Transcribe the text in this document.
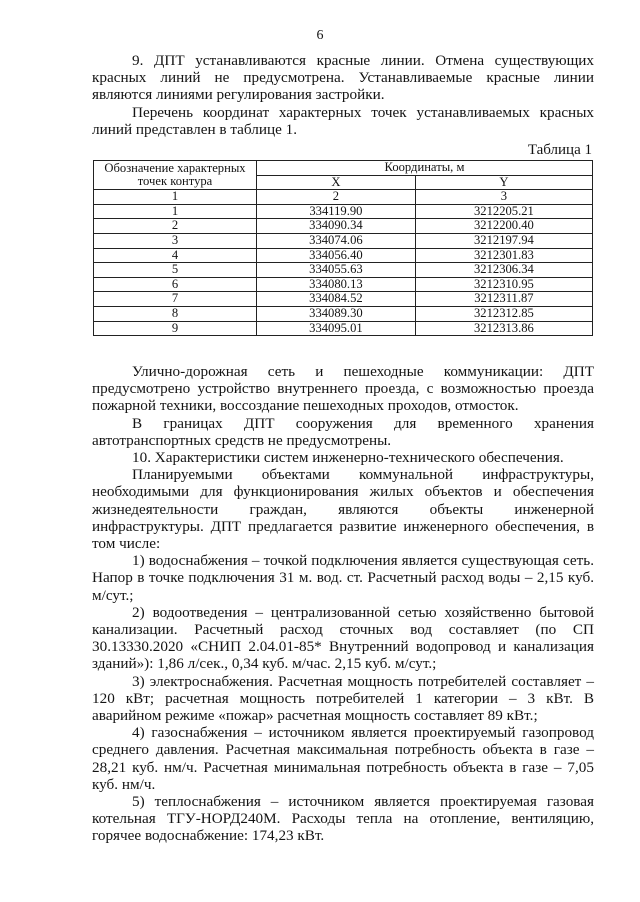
6

9. ДПТ устанавливаются красные линии. Отмена существующих красных линий не предусмотрена. Устанавливаемые красные линии являются линиями регулирования застройки.

Перечень координат характерных точек устанавливаемых красных линий представлен в таблице 1.

Таблица 1
Обозначение характерных точек контура	Координаты, м	
	X	Y
1	2	3
1	334119.90	3212205.21
2	334090.34	3212200.40
3	334074.06	3212197.94
4	334056.40	3212301.83
5	334055.63	3212306.34
6	334080.13	3212310.95
7	334084.52	3212311.87
8	334089.30	3212312.85
9	334095.01	3212313.86

Улично-дорожная сеть и пешеходные коммуникации: ДПТ предусмотрено устройство внутреннего проезда, с возможностью проезда пожарной техники, воссоздание пешеходных проходов, отмосток.

В границах ДПТ сооружения для временного хранения автотранспортных средств не предусмотрены.

10. Характеристики систем инженерно-технического обеспечения.

Планируемыми объектами коммунальной инфраструктуры, необходимыми для функционирования жилых объектов и обеспечения жизнедеятельности граждан, являются объекты инженерной инфраструктуры. ДПТ предлагается развитие инженерного обеспечения, в том числе:

1) водоснабжения – точкой подключения является существующая сеть. Напор в точке подключения 31 м. вод. ст. Расчетный расход воды – 2,15 куб. м/сут.;

2) водоотведения – централизованной сетью хозяйственно бытовой канализации. Расчетный расход сточных вод составляет (по СП 30.13330.2020 «СНИП 2.04.01-85* Внутренний водопровод и канализация зданий»): 1,86 л/сек., 0,34 куб. м/час. 2,15 куб. м/сут.;

3) электроснабжения. Расчетная мощность потребителей составляет – 120 кВт; расчетная мощность потребителей 1 категории – 3 кВт. В аварийном режиме «пожар» расчетная мощность составляет 89 кВт.;

4) газоснабжения – источником является проектируемый газопровод среднего давления. Расчетная максимальная потребность объекта в газе – 28,21 куб. нм/ч. Расчетная минимальная потребность объекта в газе – 7,05 куб. нм/ч.

5) теплоснабжения – источником является проектируемая газовая котельная ТГУ-НОРД240М. Расходы тепла на отопление, вентиляцию, горячее водоснабжение: 174,23 кВт.
